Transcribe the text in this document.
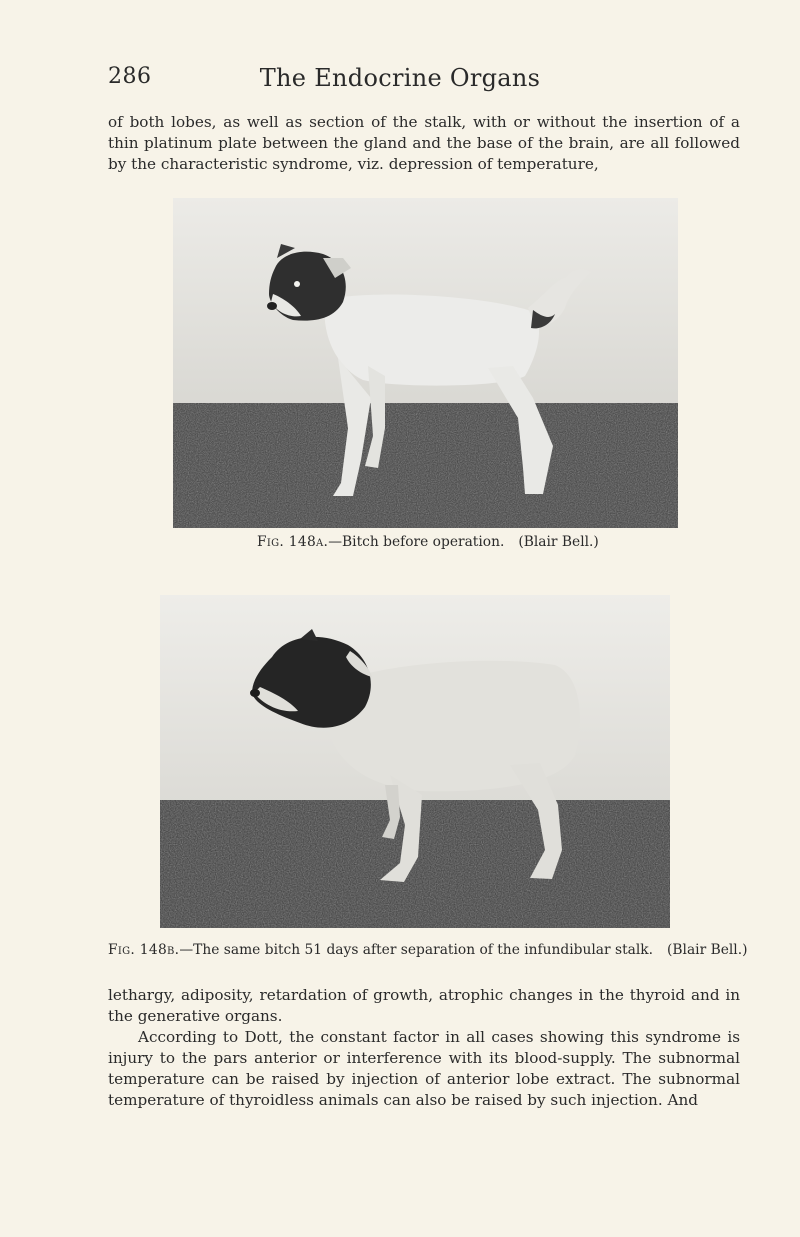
286	The Endocrine Organs

of both lobes, as well as section of the stalk, with or without the insertion of a thin platinum plate between the gland and the base of the brain, are all followed by the characteristic syndrome, viz. depression of temperature,

Fig. 148a.—Bitch before operation. (Blair Bell.)
Fig. 148b.—The same bitch 51 days after separation of the infundibular stalk. (Blair Bell.)

lethargy, adiposity, retardation of growth, atrophic changes in the thyroid and in the generative organs.

According to Dott, the constant factor in all cases showing this syndrome is injury to the pars anterior or interference with its blood-supply. The subnormal temperature can be raised by injection of anterior lobe extract. The subnormal temperature of thyroidless animals can also be raised by such injection. And
